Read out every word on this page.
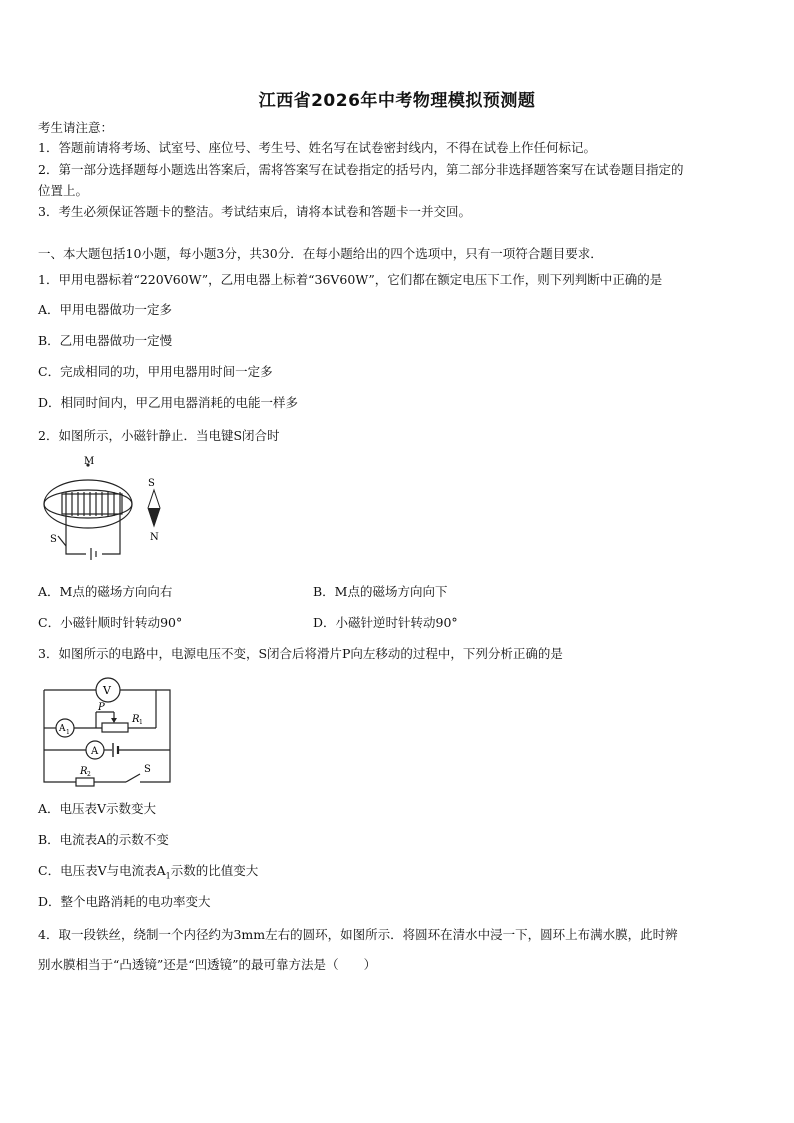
江西省2026年中考物理模拟预测题
考生请注意：
1．答题前请将考场、试室号、座位号、考生号、姓名写在试卷密封线内，不得在试卷上作任何标记。
2．第一部分选择题每小题选出答案后，需将答案写在试卷指定的括号内，第二部分非选择题答案写在试卷题目指定的
位置上。
3．考生必须保证答题卡的整洁。考试结束后，请将本试卷和答题卡一并交回。
一、本大题包括10小题，每小题3分，共30分．在每小题给出的四个选项中，只有一项符合题目要求．
1．甲用电器标着“220V60W”，乙用电器上标着“36V60W”，它们都在额定电压下工作，则下列判断中正确的是
A．甲用电器做功一定多
B．乙用电器做功一定慢
C．完成相同的功，甲用电器用时间一定多
D．相同时间内，甲乙用电器消耗的电能一样多
2．如图所示，小磁针静止．当电键S闭合时
M
S
S
N
A．M点的磁场方向向右	B．M点的磁场方向向下
C．小磁针顺时针转动90°	D．小磁针逆时针转动90°
3．如图所示的电路中，电源电压不变，S闭合后将滑片P向左移动的过程中，下列分析正确的是
V
A 1
P
R 1
A
R 2	S
A．电压表V示数变大
B．电流表A的示数不变
C．电压表V与电流表$A_1$示数的比值变大
D．整个电路消耗的电功率变大
4．取一段铁丝，绕制一个内径约为3mm左右的圆环，如图所示．将圆环在清水中浸一下，圆环上布满水膜，此时辨
别水膜相当于“凸透镜”还是“凹透镜”的最可靠方法是（　　）
